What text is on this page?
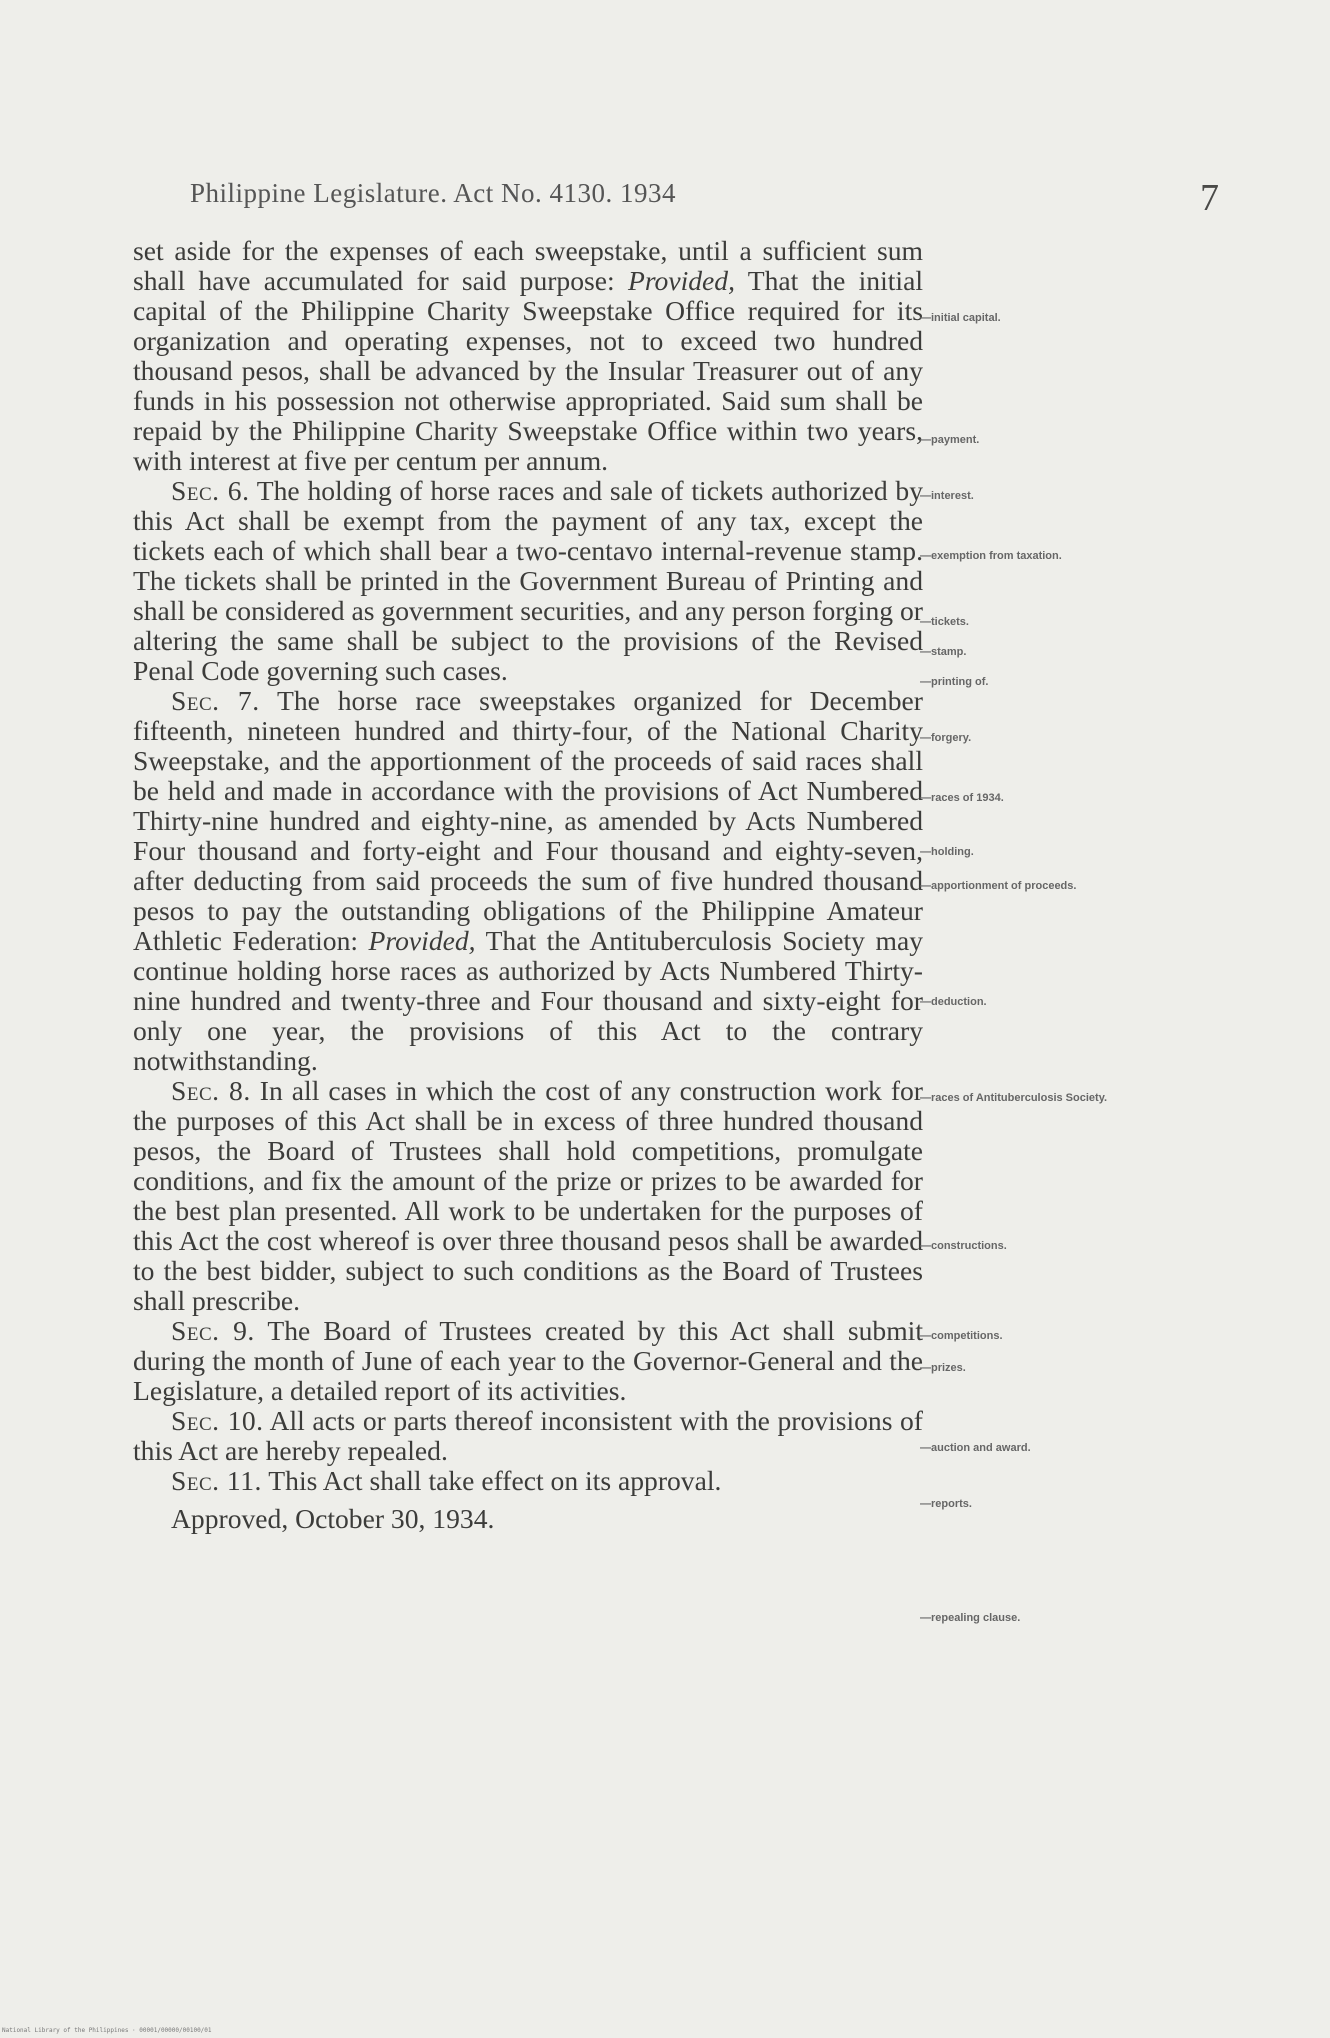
Philippine Legislature. Act No. 4130. 1934	7

set aside for the expenses of each sweepstake, until a sufficient sum shall have accumulated for said purpose: Provided, That the initial capital of the Philippine Charity Sweepstake Office required for its organization and operating expenses, not to exceed two hundred thousand pesos, shall be advanced by the Insular Treasurer out of any funds in his possession not otherwise appropriated. Said sum shall be repaid by the Philippine Charity Sweepstake Office within two years, with interest at five per centum per annum.

Sec. 6. The holding of horse races and sale of tickets authorized by this Act shall be exempt from the payment of any tax, except the tickets each of which shall bear a two-centavo internal-revenue stamp. The tickets shall be printed in the Government Bureau of Printing and shall be considered as government securities, and any person forging or altering the same shall be subject to the provisions of the Revised Penal Code governing such cases.

Sec. 7. The horse race sweepstakes organized for December fifteenth, nineteen hundred and thirty-four, of the National Charity Sweepstake, and the apportionment of the proceeds of said races shall be held and made in accordance with the provisions of Act Numbered Thirty-nine hundred and eighty-nine, as amended by Acts Numbered Four thousand and forty-eight and Four thousand and eighty-seven, after deducting from said proceeds the sum of five hundred thousand pesos to pay the outstanding obligations of the Philippine Amateur Athletic Federation: Provided, That the Antituberculosis Society may continue holding horse races as authorized by Acts Numbered Thirty-nine hundred and twenty-three and Four thousand and sixty-eight for only one year, the provisions of this Act to the contrary notwithstanding.

Sec. 8. In all cases in which the cost of any construction work for the purposes of this Act shall be in excess of three hundred thousand pesos, the Board of Trustees shall hold competitions, promulgate conditions, and fix the amount of the prize or prizes to be awarded for the best plan presented. All work to be undertaken for the purposes of this Act the cost whereof is over three thousand pesos shall be awarded to the best bidder, subject to such conditions as the Board of Trustees shall prescribe.

Sec. 9. The Board of Trustees created by this Act shall submit during the month of June of each year to the Governor-General and the Legislature, a detailed report of its activities.

Sec. 10. All acts or parts thereof inconsistent with the provisions of this Act are hereby repealed.

Sec. 11. This Act shall take effect on its approval.

Approved, October 30, 1934.

—initial capital.
—payment.
—interest.
—exemption from taxation.
—tickets.
—stamp.
—printing of.
—forgery.
—races of 1934.
—holding.
—apportionment of proceeds.
—deduction.
—races of Antituberculosis Society.
—constructions.
—competitions.
—prizes.
—auction and award.
—reports.
—repealing clause.
National Library of the Philippines · 00001/00000/00100/01
